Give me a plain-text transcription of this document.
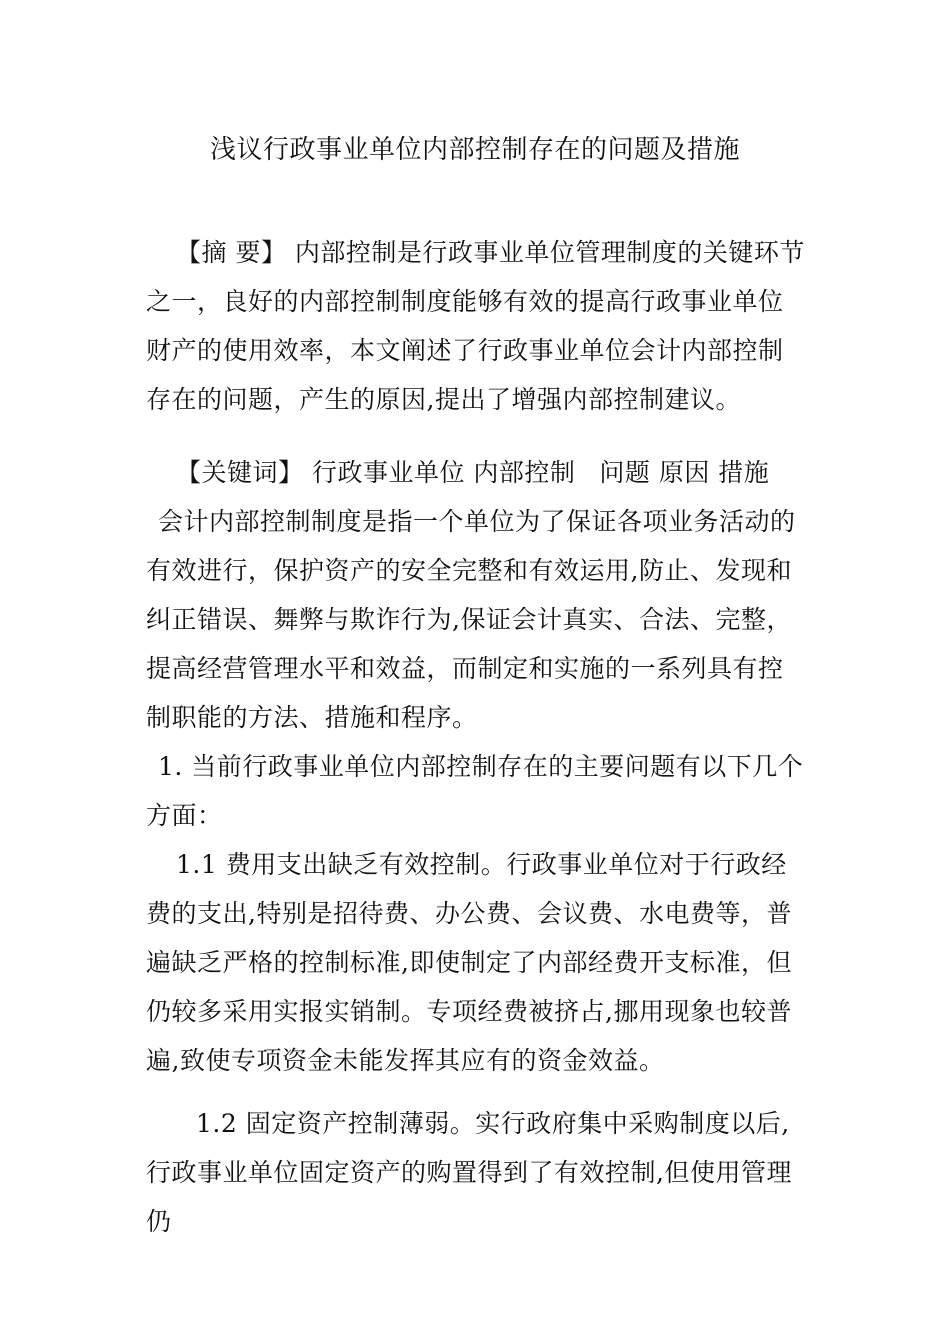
浅议行政事业单位内部控制存在的问题及措施

【摘 要】 内部控制是行政事业单位管理制度的关键环节之一，良好的内部控制制度能够有效的提高行政事业单位财产的使用效率，本文阐述了行政事业单位会计内部控制存在的问题，产生的原因,提出了增强内部控制建议。

【关键词】 行政事业单位 内部控制 问题 原因 措施

会计内部控制制度是指一个单位为了保证各项业务活动的有效进行，保护资产的安全完整和有效运用,防止、发现和纠正错误、舞弊与欺诈行为,保证会计真实、合法、完整，提高经营管理水平和效益，而制定和实施的一系列具有控制职能的方法、措施和程序。

1. 当前行政事业单位内部控制存在的主要问题有以下几个方面：

1.1 费用支出缺乏有效控制。行政事业单位对于行政经费的支出,特别是招待费、办公费、会议费、水电费等，普遍缺乏严格的控制标准,即使制定了内部经费开支标准，但仍较多采用实报实销制。专项经费被挤占,挪用现象也较普遍,致使专项资金未能发挥其应有的资金效益。

1.2 固定资产控制薄弱。实行政府集中采购制度以后,行政事业单位固定资产的购置得到了有效控制,但使用管理仍
